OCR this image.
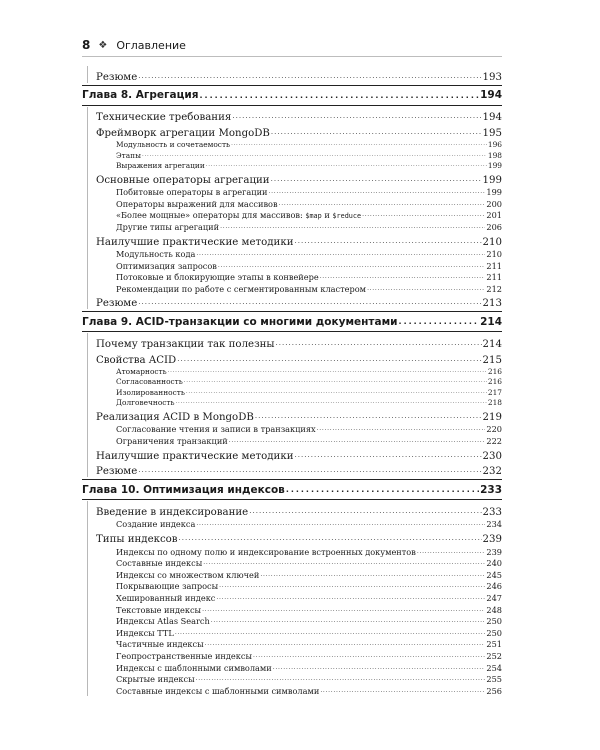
8 ❖ Оглавление
Резюме . . .	193
Глава 8. Агрегация . . .	194
Технические требования . . .	194
Фреймворк агрегации MongoDB . . .	195
Модульность и сочетаемость . . .	196
Этапы . . .	198
Выражения агрегации . . .	199
Основные операторы агрегации . . .	199
Побитовые операторы в агрегации . . .	199
Операторы выражений для массивов . . .	200
«Более мощные» операторы для массивов: $map и $reduce . . .	201
Другие типы агрегаций . . .	206
Наилучшие практические методики . . .	210
Модульность кода . . .	210
Оптимизация запросов . . .	211
Потоковые и блокирующие этапы в конвейере . . .	211
Рекомендации по работе с сегментированным кластером . . .	212
Резюме . . .	213
Глава 9. ACID-транзакции со многими документами . . .	214
Почему транзакции так полезны . . .	214
Свойства ACID . . .	215
Атомарность . . .	216
Согласованность . . .	216
Изолированность . . .	217
Долговечность . . .	218
Реализация ACID в MongoDB . . .	219
Согласование чтения и записи в транзакциях . . .	220
Ограничения транзакций . . .	222
Наилучшие практические методики . . .	230
Резюме . . .	232
Глава 10. Оптимизация индексов . . .	233
Введение в индексирование . . .	233
Создание индекса . . .	234
Типы индексов . . .	239
Индексы по одному полю и индексирование встроенных документов . . .	239
Составные индексы . . .	240
Индексы со множеством ключей . . .	245
Покрывающие запросы . . .	246
Хешированный индекс . . .	247
Текстовые индексы . . .	248
Индексы Atlas Search . . .	250
Индексы TTL . . .	250
Частичные индексы . . .	251
Геопространственные индексы . . .	252
Индексы с шаблонными символами . . .	254
Скрытые индексы . . .	255
Составные индексы с шаблонными символами . . .	256
